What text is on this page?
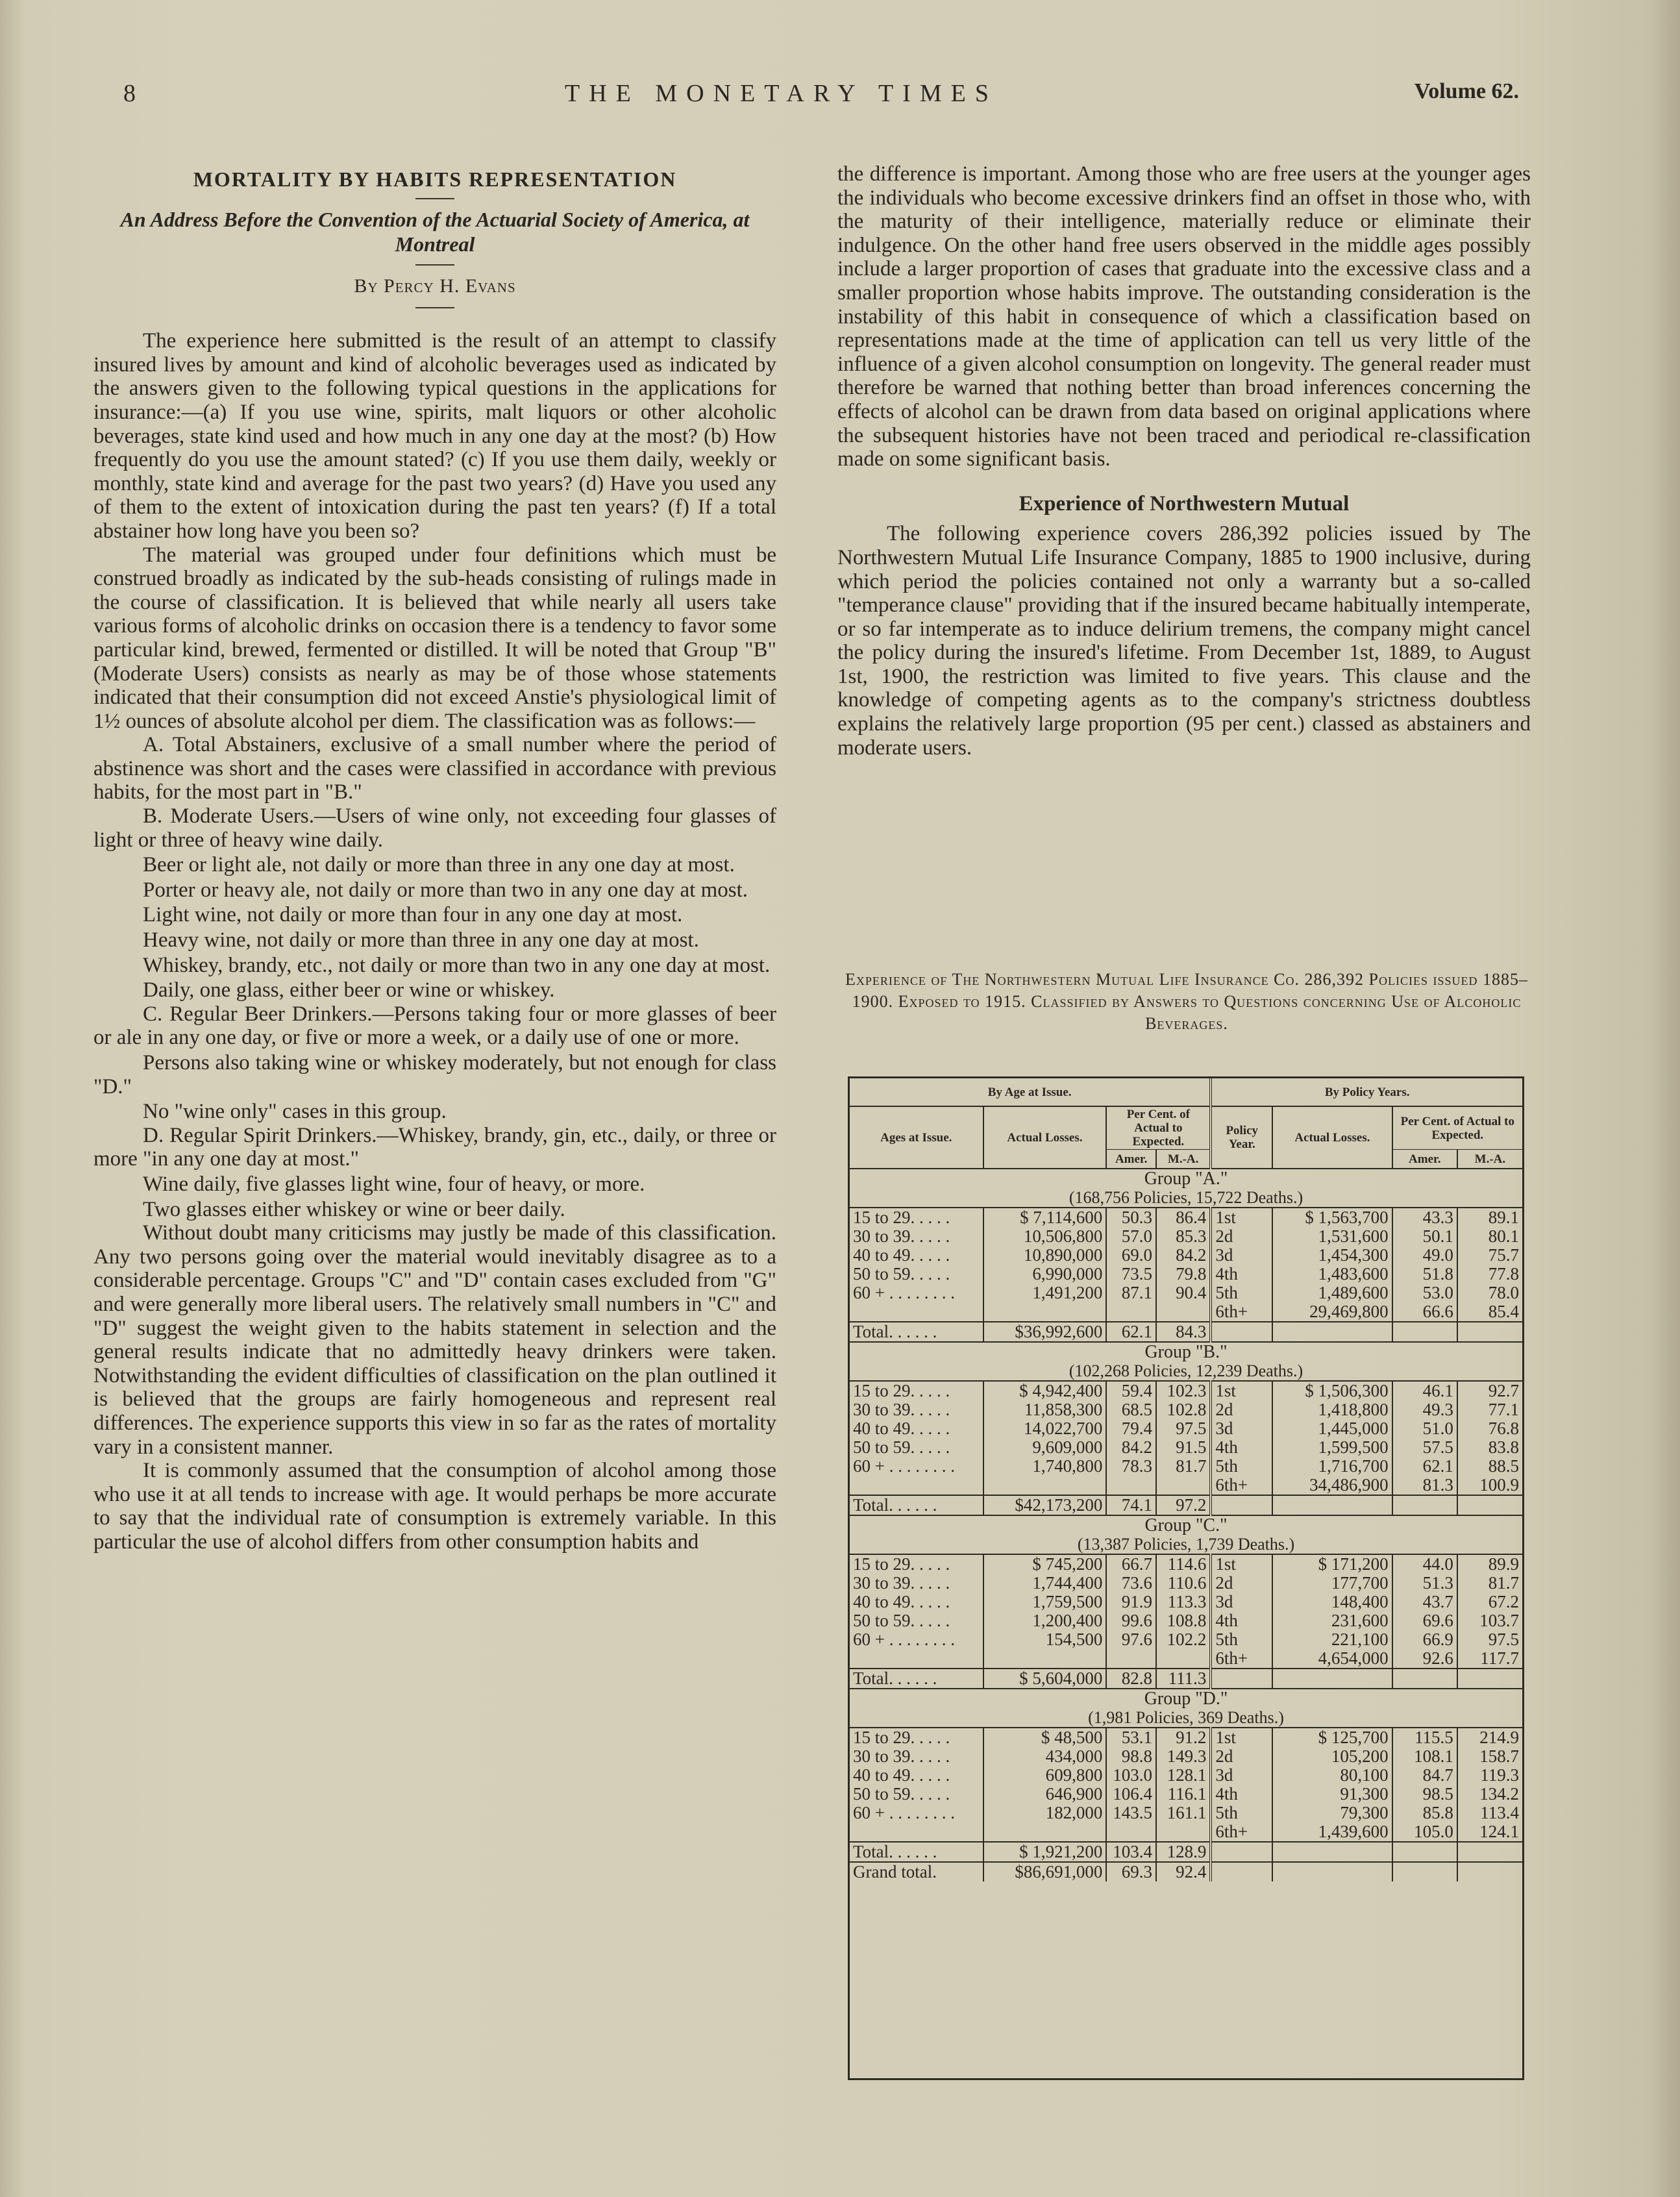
8	THE MONETARY TIMES	Volume 62.
MORTALITY BY HABITS REPRESENTATION
An Address Before the Convention of the Actuarial Society of America, at Montreal
By Percy H. Evans

The experience here submitted is the result of an attempt to classify insured lives by amount and kind of alcoholic beverages used as indicated by the answers given to the following typical questions in the applications for insurance:—(a) If you use wine, spirits, malt liquors or other alcoholic beverages, state kind used and how much in any one day at the most? (b) How frequently do you use the amount stated? (c) If you use them daily, weekly or monthly, state kind and average for the past two years? (d) Have you used any of them to the extent of intoxication during the past ten years? (f) If a total abstainer how long have you been so?

The material was grouped under four definitions which must be construed broadly as indicated by the sub-heads consisting of rulings made in the course of classification. It is believed that while nearly all users take various forms of alcoholic drinks on occasion there is a tendency to favor some particular kind, brewed, fermented or distilled. It will be noted that Group "B" (Moderate Users) consists as nearly as may be of those whose statements indicated that their consumption did not exceed Anstie's physiological limit of 1½ ounces of absolute alcohol per diem. The classification was as follows:—

A. Total Abstainers, exclusive of a small number where the period of abstinence was short and the cases were classified in accordance with previous habits, for the most part in "B."

B. Moderate Users.—Users of wine only, not exceeding four glasses of light or three of heavy wine daily.

Beer or light ale, not daily or more than three in any one day at most.

Porter or heavy ale, not daily or more than two in any one day at most.

Light wine, not daily or more than four in any one day at most.

Heavy wine, not daily or more than three in any one day at most.

Whiskey, brandy, etc., not daily or more than two in any one day at most.

Daily, one glass, either beer or wine or whiskey.

C. Regular Beer Drinkers.—Persons taking four or more glasses of beer or ale in any one day, or five or more a week, or a daily use of one or more.

Persons also taking wine or whiskey moderately, but not enough for class "D."

No "wine only" cases in this group.

D. Regular Spirit Drinkers.—Whiskey, brandy, gin, etc., daily, or three or more "in any one day at most."

Wine daily, five glasses light wine, four of heavy, or more.

Two glasses either whiskey or wine or beer daily.

Without doubt many criticisms may justly be made of this classification. Any two persons going over the material would inevitably disagree as to a considerable percentage. Groups "C" and "D" contain cases excluded from "G" and were generally more liberal users. The relatively small numbers in "C" and "D" suggest the weight given to the habits statement in selection and the general results indicate that no admittedly heavy drinkers were taken. Notwithstanding the evident difficulties of classification on the plan outlined it is believed that the groups are fairly homogeneous and represent real differences. The experience supports this view in so far as the rates of mortality vary in a consistent manner.

It is commonly assumed that the consumption of alcohol among those who use it at all tends to increase with age. It would perhaps be more accurate to say that the individual rate of consumption is extremely variable. In this particular the use of alcohol differs from other consumption habits and

the difference is important. Among those who are free users at the younger ages the individuals who become excessive drinkers find an offset in those who, with the maturity of their intelligence, materially reduce or eliminate their indulgence. On the other hand free users observed in the middle ages possibly include a larger proportion of cases that graduate into the excessive class and a smaller proportion whose habits improve. The outstanding consideration is the instability of this habit in consequence of which a classification based on representations made at the time of application can tell us very little of the influence of a given alcohol consumption on longevity. The general reader must therefore be warned that nothing better than broad inferences concerning the effects of alcohol can be drawn from data based on original applications where the subsequent histories have not been traced and periodical re-classification made on some significant basis.

Experience of Northwestern Mutual

The following experience covers 286,392 policies issued by The Northwestern Mutual Life Insurance Company, 1885 to 1900 inclusive, during which period the policies contained not only a warranty but a so-called "temperance clause" providing that if the insured became habitually intemperate, or so far intemperate as to induce delirium tremens, the company might cancel the policy during the insured's lifetime. From December 1st, 1889, to August 1st, 1900, the restriction was limited to five years. This clause and the knowledge of competing agents as to the company's strictness doubtless explains the relatively large proportion (95 per cent.) classed as abstainers and moderate users.

Experience of The Northwestern Mutual Life Insurance Co. 286,392 Policies issued 1885–1900. Exposed to 1915. Classified by Answers to Questions concerning Use of Alcoholic Beverages.
By Age at Issue.				By Policy Years.			
Ages at Issue.	Actual Losses.	Per Cent. of Actual to Expected.		Policy Year.	Actual Losses.	Per Cent. of Actual to Expected.	
		Amer.	M.-A.			Amer.	M.-A.
Group "A."							
(168,756 Policies, 15,722 Deaths.)							
15 to 29. . . . .	$ 7,114,600	50.3	86.4	1st	$ 1,563,700	43.3	89.1
30 to 39. . . . .	10,506,800	57.0	85.3	2d	1,531,600	50.1	80.1
40 to 49. . . . .	10,890,000	69.0	84.2	3d	1,454,300	49.0	75.7
50 to 59. . . . .	6,990,000	73.5	79.8	4th	1,483,600	51.8	77.8
60 + . . . . . . . .	1,491,200	87.1	90.4	5th	1,489,600	53.0	78.0
				6th+	29,469,800	66.6	85.4
Total. . . . . .	$36,992,600	62.1	84.3				
Group "B."							
(102,268 Policies, 12,239 Deaths.)							
15 to 29. . . . .	$ 4,942,400	59.4	102.3	1st	$ 1,506,300	46.1	92.7
30 to 39. . . . .	11,858,300	68.5	102.8	2d	1,418,800	49.3	77.1
40 to 49. . . . .	14,022,700	79.4	97.5	3d	1,445,000	51.0	76.8
50 to 59. . . . .	9,609,000	84.2	91.5	4th	1,599,500	57.5	83.8
60 + . . . . . . . .	1,740,800	78.3	81.7	5th	1,716,700	62.1	88.5
				6th+	34,486,900	81.3	100.9
Total. . . . . .	$42,173,200	74.1	97.2				
Group "C."							
(13,387 Policies, 1,739 Deaths.)							
15 to 29. . . . .	$ 745,200	66.7	114.6	1st	$ 171,200	44.0	89.9
30 to 39. . . . .	1,744,400	73.6	110.6	2d	177,700	51.3	81.7
40 to 49. . . . .	1,759,500	91.9	113.3	3d	148,400	43.7	67.2
50 to 59. . . . .	1,200,400	99.6	108.8	4th	231,600	69.6	103.7
60 + . . . . . . . .	154,500	97.6	102.2	5th	221,100	66.9	97.5
				6th+	4,654,000	92.6	117.7
Total. . . . . .	$ 5,604,000	82.8	111.3				
Group "D."							
(1,981 Policies, 369 Deaths.)							
15 to 29. . . . .	$ 48,500	53.1	91.2	1st	$ 125,700	115.5	214.9
30 to 39. . . . .	434,000	98.8	149.3	2d	105,200	108.1	158.7
40 to 49. . . . .	609,800	103.0	128.1	3d	80,100	84.7	119.3
50 to 59. . . . .	646,900	106.4	116.1	4th	91,300	98.5	134.2
60 + . . . . . . . .	182,000	143.5	161.1	5th	79,300	85.8	113.4
				6th+	1,439,600	105.0	124.1
Total. . . . . .	$ 1,921,200	103.4	128.9				
Grand total.	$86,691,000	69.3	92.4				
